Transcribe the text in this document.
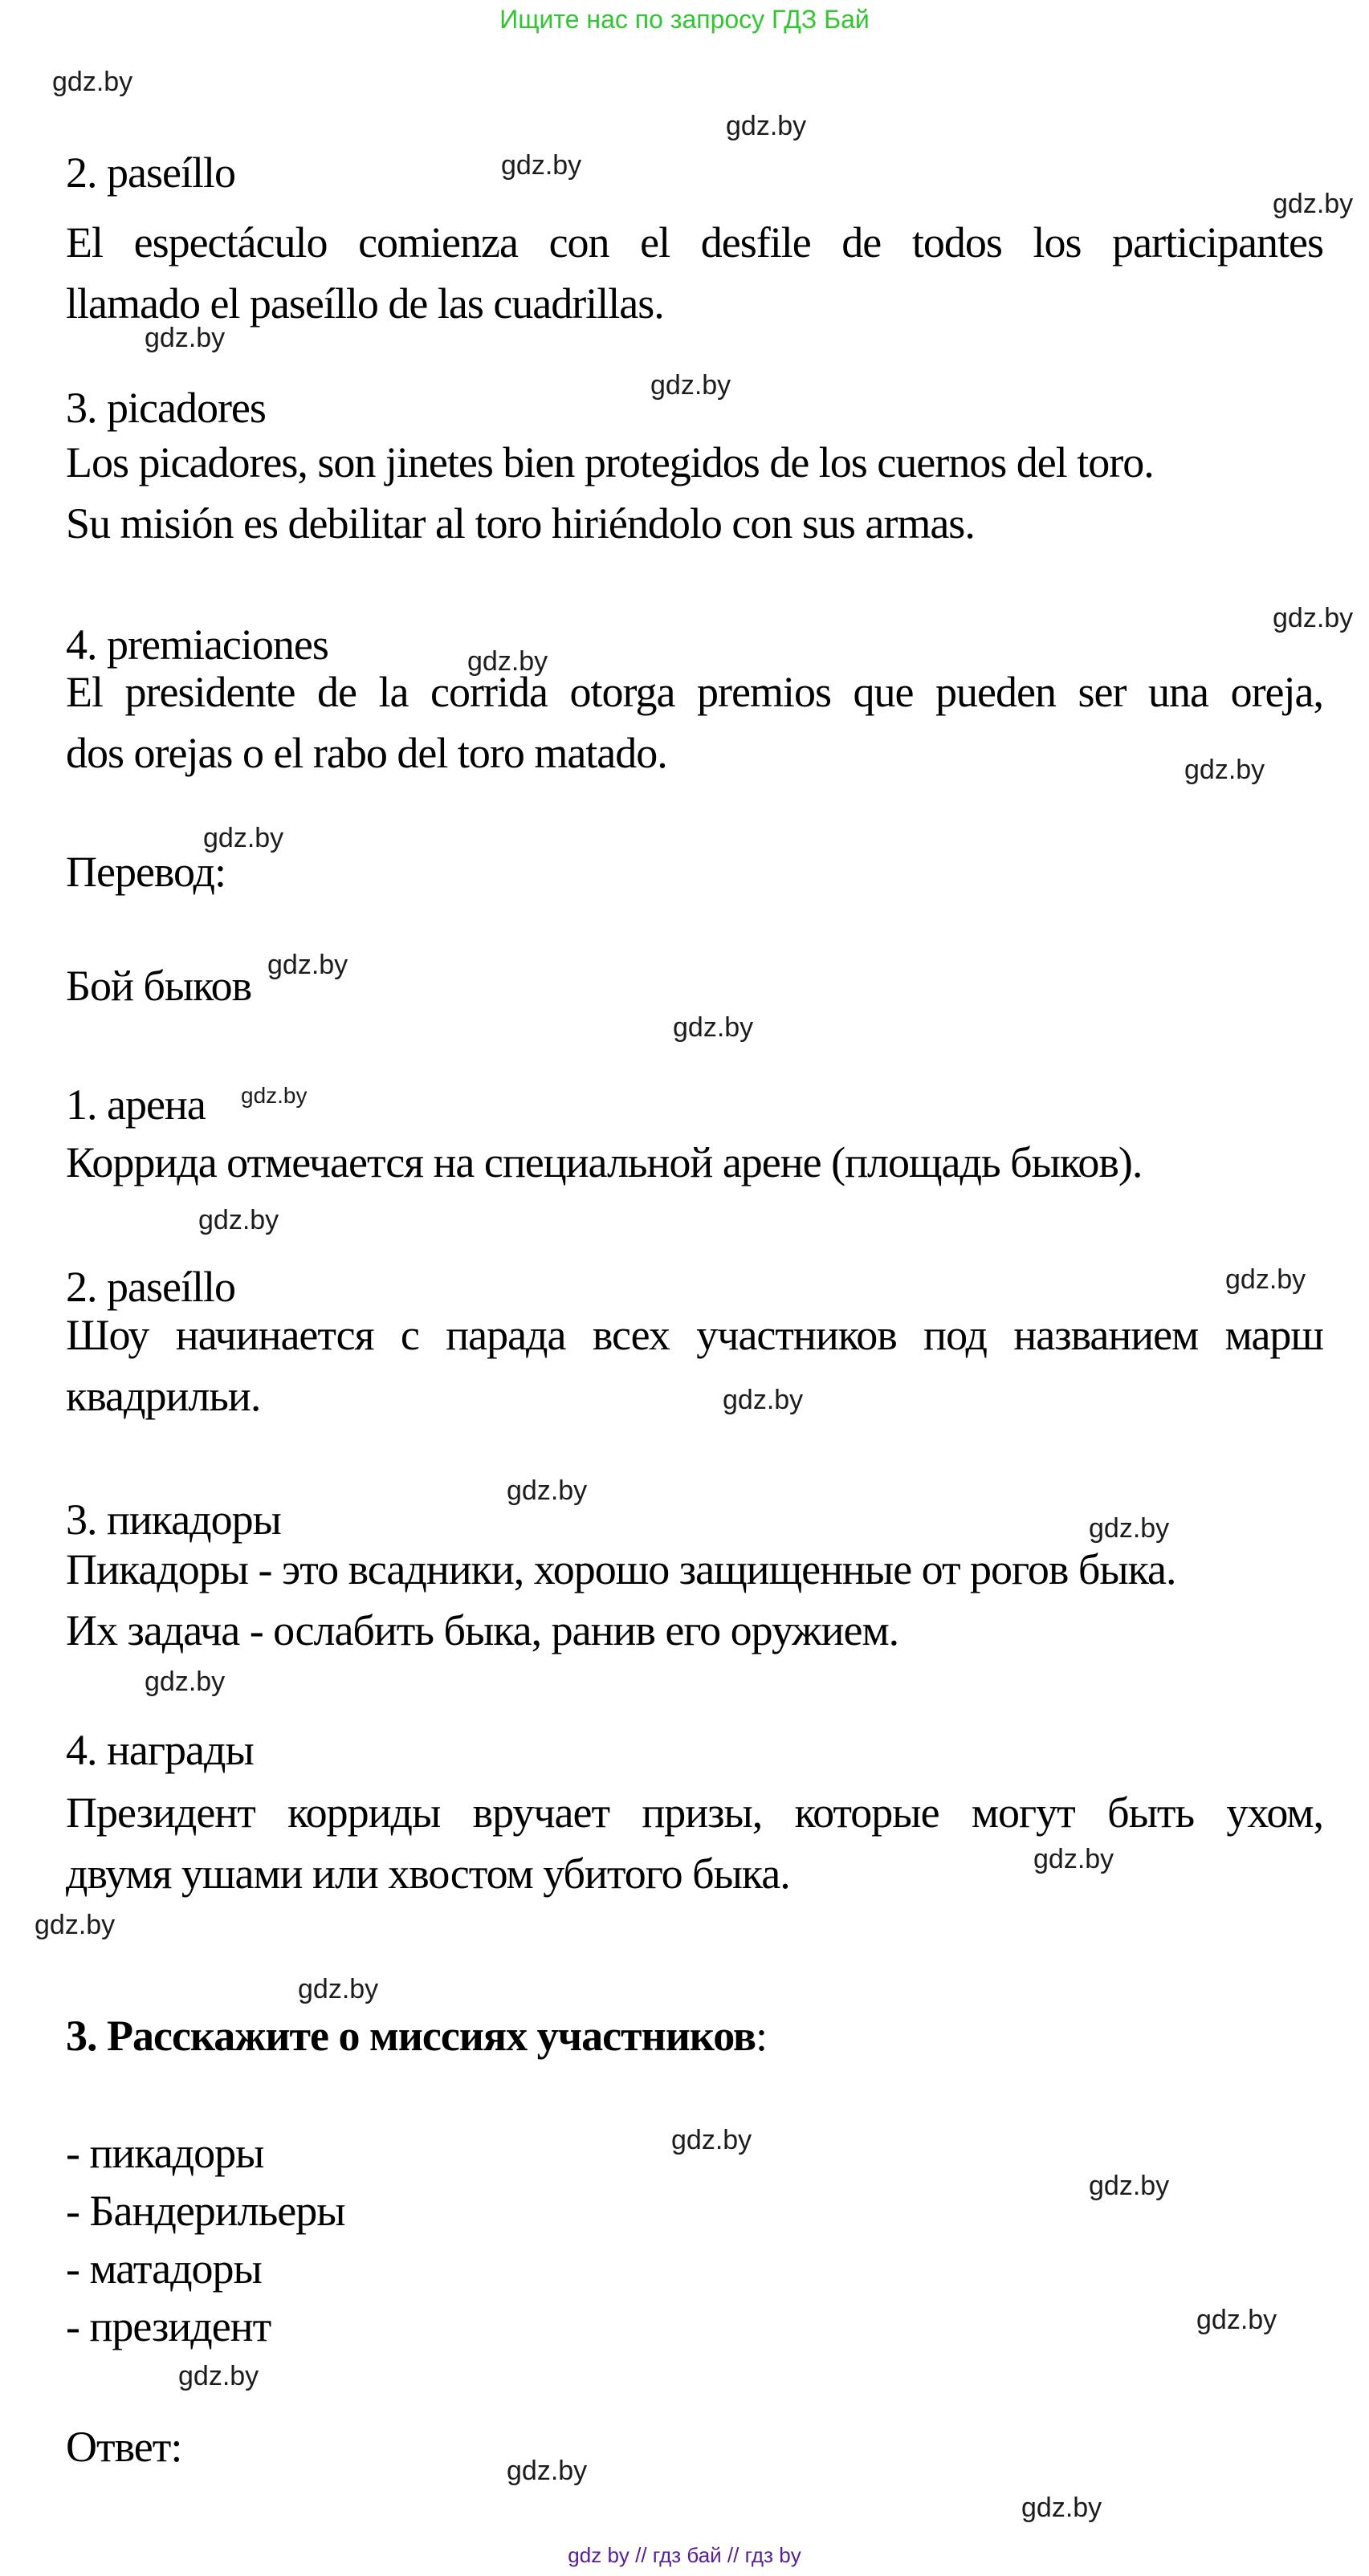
Ищите нас по запросу ГДЗ Бай
gdz.by
gdz.by
gdz.by
gdz.by
gdz.by
gdz.by
gdz.by
gdz.by
gdz.by
gdz.by
gdz.by
gdz.by
gdz.by
gdz.by
gdz.by
gdz.by
gdz.by
gdz.by
gdz.by
gdz.by
gdz.by
gdz.by
gdz.by
gdz.by
gdz.by
gdz.by
gdz.by
gdz.by
2. paseíllo
El espectáculo comienza con el desfile de todos los participantes
llamado el paseíllo de las cuadrillas.
3. picadores
Los picadores, son jinetes bien protegidos de los cuernos del toro.
Su misión es debilitar al toro hiriéndolo con sus armas.
4. premiaciones
El presidente de la corrida otorga premios que pueden ser una oreja,
dos orejas o el rabo del toro matado.
Перевод:
Бой быков
1. арена
Коррида отмечается на специальной арене (площадь быков).
2. paseíllo
Шоу начинается с парада всех участников под названием марш
квадрильи.
3. пикадоры
Пикадоры - это всадники, хорошо защищенные от рогов быка.
Их задача - ослабить быка, ранив его оружием.
4. награды
Президент корриды вручает призы, которые могут быть ухом,
двумя ушами или хвостом убитого быка.
3. Расскажите о миссиях участников:
- пикадоры
- Бандерильеры
- матадоры
- президент
Ответ:
gdz by // гдз бай // гдз by
